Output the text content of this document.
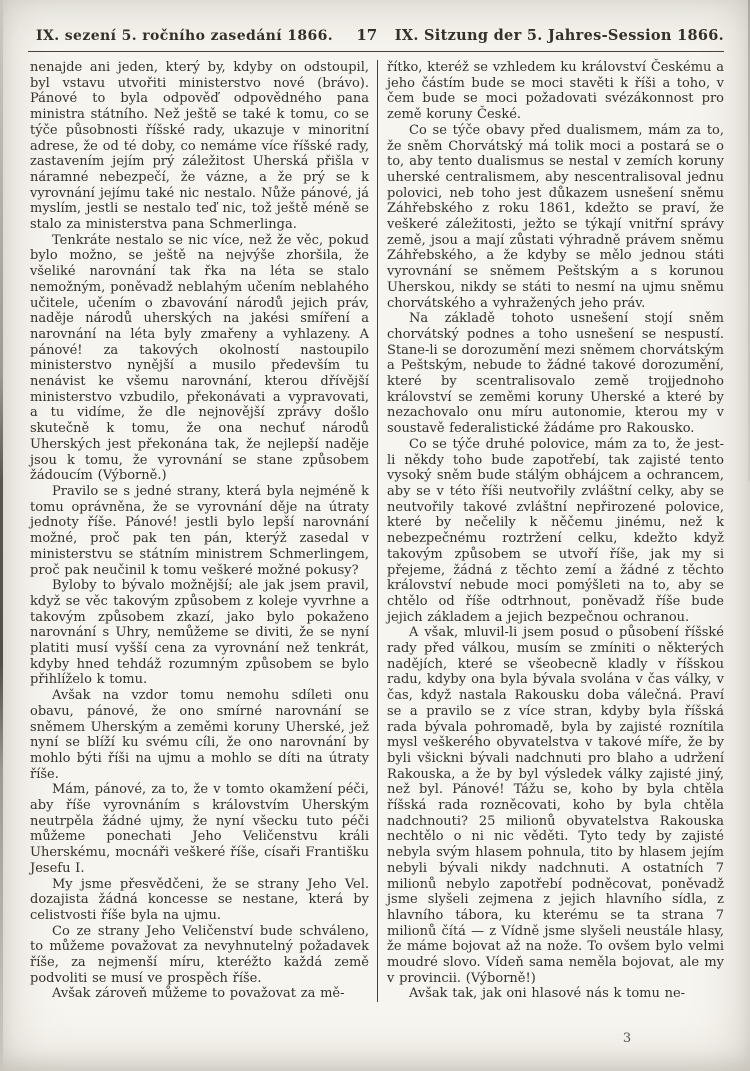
IX. sezení 5. ročního zasedání 1866.	17	IX. Sitzung der 5. Jahres-Session 1866.

nenajde ani jeden, který by, kdyby on odstoupil, byl vstavu utvořiti ministerstvo nové (brávo). Pánové to byla odpověď odpovědného pana ministra státního. Než ještě se také k tomu, co se týče působnosti říšské rady, ukazuje v minoritní adrese, že od té doby, co nemáme více říšské rady, zastavením jejím prý záležitost Uherská přišla v náramné nebezpečí, že vázne, a že prý se k vyrovnání jejímu také nic nestalo. Nůže pánové, já myslím, jestli se nestalo teď nic, tož ještě méně se stalo za ministerstva pana Schmerlinga.

Tenkráte nestalo se nic více, než že věc, pokud bylo možno, se ještě na nejvýše zhoršila, že všeliké narovnání tak řka na léta se stalo nemožným, poněvadž neblahým učením neblahého učitele, učením o zbavování národů jejich práv, naděje národů uherských na jakési smíření a narovnání na léta byly zmařeny a vyhlazeny. A pánové! za takových okolností nastoupilo ministerstvo nynější a musilo především tu nenávist ke všemu narovnání, kterou dřívější ministerstvo vzbudilo, překonávati a vypravovati, a tu vidíme, že dle nejnovější zprávy došlo skutečně k tomu, že ona nechuť národů Uherských jest překonána tak, že nejlepší naděje jsou k tomu, že vyrovnání se stane způsobem žádoucím (Výborně.)

Pravilo se s jedné strany, která byla nejméně k tomu oprávněna, že se vyrovnání děje na útraty jednoty říše. Pánové! jestli bylo lepší narovnání možné, proč pak ten pán, kterýž zasedal v ministerstvu se státním ministrem Schmerlingem, proč pak neučinil k tomu veškeré možné pokusy?

Byloby to bývalo možnější; ale jak jsem pravil, když se věc takovým způsobem z koleje vyvrhne a takovým způsobem zkazí, jako bylo pokaženo narovnání s Uhry, nemůžeme se diviti, že se nyní platiti musí vyšší cena za vyrovnání než tenkrát, kdyby hned tehdáž rozumným způsobem se bylo přihlíželo k tomu.

Avšak na vzdor tomu nemohu sdíleti onu obavu, pánové, že ono smírné narovnání se sněmem Uherským a zeměmi koruny Uherské, jež nyní se blíží ku svému cíli, že ono narovnání by mohlo býti říši na ujmu a mohlo se díti na útraty říše.

Mám, pánové, za to, že v tomto okamžení péči, aby říše vyrovnáním s královstvím Uherským neutrpěla žádné ujmy, že nyní všecku tuto péči můžeme ponechati Jeho Veličenstvu králi Uherskému, mocnáři veškeré říše, císaři Františku Jesefu I.

My jsme přesvědčeni, že se strany Jeho Vel. dozajista žádná koncesse se nestane, která by celistvosti říše byla na ujmu.

Co ze strany Jeho Veličenství bude schváleno, to můžeme považovat za nevyhnutelný požadavek říše, za nejmenší míru, kteréžto každá země podvoliti se musí ve prospěch říše.

Avšak zároveň můžeme to považovat za mě-

řítko, kteréž se vzhledem ku království Českému a jeho částím bude se moci stavěti k říši a toho, v čem bude se moci požadovati svézákonnost pro země koruny České.

Co se týče obavy před dualismem, mám za to, že sněm Chorvátský má tolik moci a postará se o to, aby tento dualismus se nestal v zemích koruny uherské centralismem, aby nescentralisoval jednu polovici, neb toho jest důkazem usnešení sněmu Záhřebského z roku 1861, kdežto se praví, že veškeré záležitosti, ježto se týkají vnitřní správy země, jsou a mají zůstati výhradně právem sněmu Záhřebského, a že kdyby se mělo jednou státi vyrovnání se sněmem Peštským a s korunou Uherskou, nikdy se státi to nesmí na ujmu sněmu chorvátského a vyhražených jeho práv.

Na základě tohoto usnešení stojí sněm chorvátský podnes a toho usnešení se nespustí. Stane-li se dorozumění mezi sněmem chorvátským a Peštským, nebude to žádné takové dorozumění, které by scentralisovalo země trojjednoho království se zeměmi koruny Uherské a které by nezachovalo onu míru autonomie, kterou my v soustavě federalistické žádáme pro Rakousko.

Co se týče druhé polovice, mám za to, že jest-li někdy toho bude zapotřebí, tak zajisté tento vysoký sněm bude stálým obhájcem a ochrancem, aby se v této říši neutvořily zvláštní celky, aby se neutvořily takové zvláštní nepřirozené polovice, které by nečelily k něčemu jinému, než k nebezpečnému roztržení celku, kdežto když takovým způsobem se utvoří říše, jak my si přejeme, žádná z těchto zemí a žádné z těchto království nebude moci pomýšleti na to, aby se chtělo od říše odtrhnout, poněvadž říše bude jejich základem a jejich bezpečnou ochranou.

A však, mluvil-li jsem posud o působení říšské rady před válkou, musím se zmíniti o některých nadějích, které se všeobecně kladly v říšskou radu, kdyby ona byla bývala svolána v čas války, v čas, když nastala Rakousku doba válečná. Praví se a pravilo se z více stran, kdyby byla říšská rada bývala pohromadě, byla by zajisté roznítila mysl veškerého obyvatelstva v takové míře, že by byli všickni bývali nadchnuti pro blaho a udržení Rakouska, a že by byl výsledek války zajisté jiný, než byl. Pánové! Tážu se, koho by byla chtěla říšská rada rozněcovati, koho by byla chtěla nadchnouti? 25 milionů obyvatelstva Rakouska nechtělo o ni nic věděti. Tyto tedy by zajisté nebyla svým hlasem pohnula, tito by hlasem jejím nebyli bývali nikdy nadchnuti. A ostatních 7 milionů nebylo zapotřebí podněcovat, poněvadž jsme slyšeli zejmena z jejich hlavního sídla, z hlavního tábora, ku kterému se ta strana 7 milionů čítá — z Vídně jsme slyšeli neustále hlasy, že máme bojovat až na nože. To ovšem bylo velmi moudré slovo. Vídeň sama neměla bojovat, ale my v provincii. (Výborně!)

Avšak tak, jak oni hlasové nás k tomu ne-

3
